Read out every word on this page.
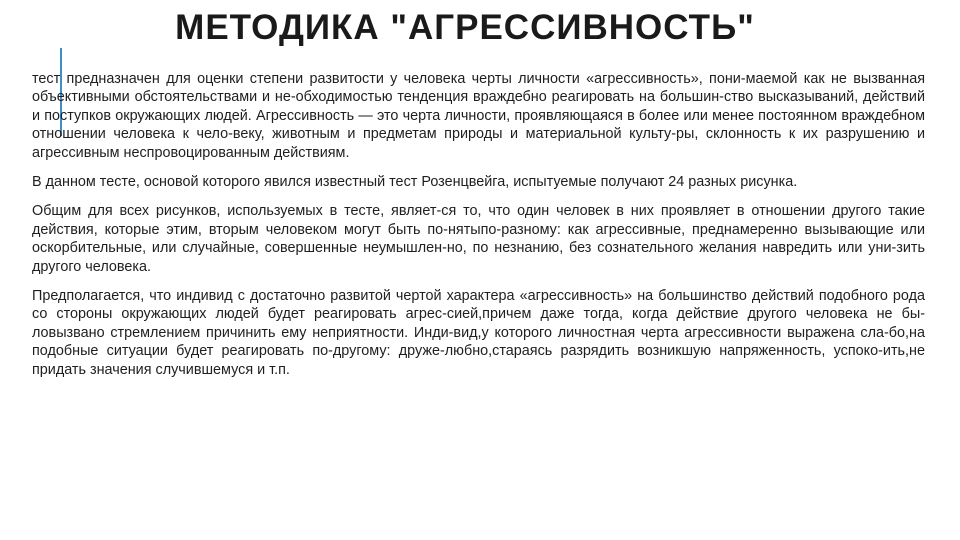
МЕТОДИКА "АГРЕССИВНОСТЬ"

тест предназначен для оценки степени развитости у человека черты личности «агрессивность», пони-маемой как не вызванная объективными обстоятельствами и не-обходимостью тенденция враждебно реагировать на большин-ство высказываний, действий и поступков окружающих людей. Агрессивность — это черта личности, проявляющаяся в более или менее постоянном враждебном отношении человека к чело-веку, животным и предметам природы и материальной культу-ры, склонность к их разрушению и агрессивным неспровоцированным действиям.

В данном тесте, основой которого явился известный тест Розенцвейга, испытуемые получают 24 разных рисунка.

Общим для всех рисунков, используемых в тесте, являет-ся то, что один человек в них проявляет в отношении другого такие действия, которые этим, вторым человеком могут быть по-нятыпо-разному: как агрессивные, преднамеренно вызывающие или оскорбительные, или случайные, совершенные неумышлен-но, по незнанию, без сознательного желания навредить или уни-зить другого человека.

Предполагается, что индивид с достаточно развитой чертой характера «агрессивность» на большинство действий подобного рода со стороны окружающих людей будет реагировать агрес-сией,причем даже тогда, когда действие другого человека не бы-ловызвано стремлением причинить ему неприятности. Инди-вид,у которого личностная черта агрессивности выражена сла-бо,на подобные ситуации будет реагировать по-другому: друже-любно,стараясь разрядить возникшую напряженность, успоко-ить,не придать значения случившемуся и т.п.
